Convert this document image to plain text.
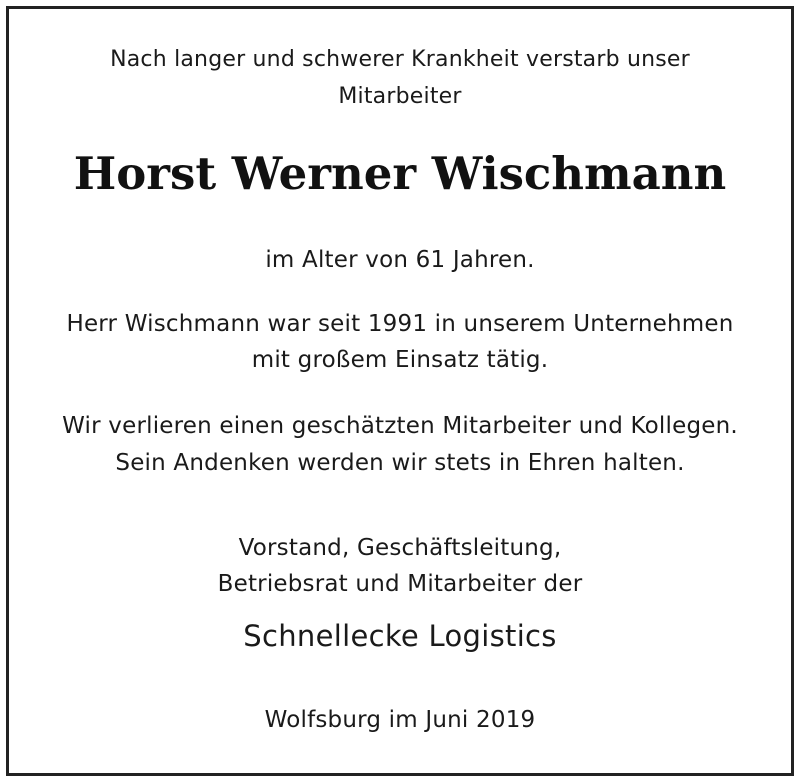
Nach langer und schwerer Krankheit verstarb unser
Mitarbeiter
Horst Werner Wischmann
im Alter von 61 Jahren.
Herr Wischmann war seit 1991 in unserem Unternehmen
mit großem Einsatz tätig.
Wir verlieren einen geschätzten Mitarbeiter und Kollegen.
Sein Andenken werden wir stets in Ehren halten.
Vorstand, Geschäftsleitung,
Betriebsrat und Mitarbeiter der
Schnellecke Logistics
Wolfsburg im Juni 2019
